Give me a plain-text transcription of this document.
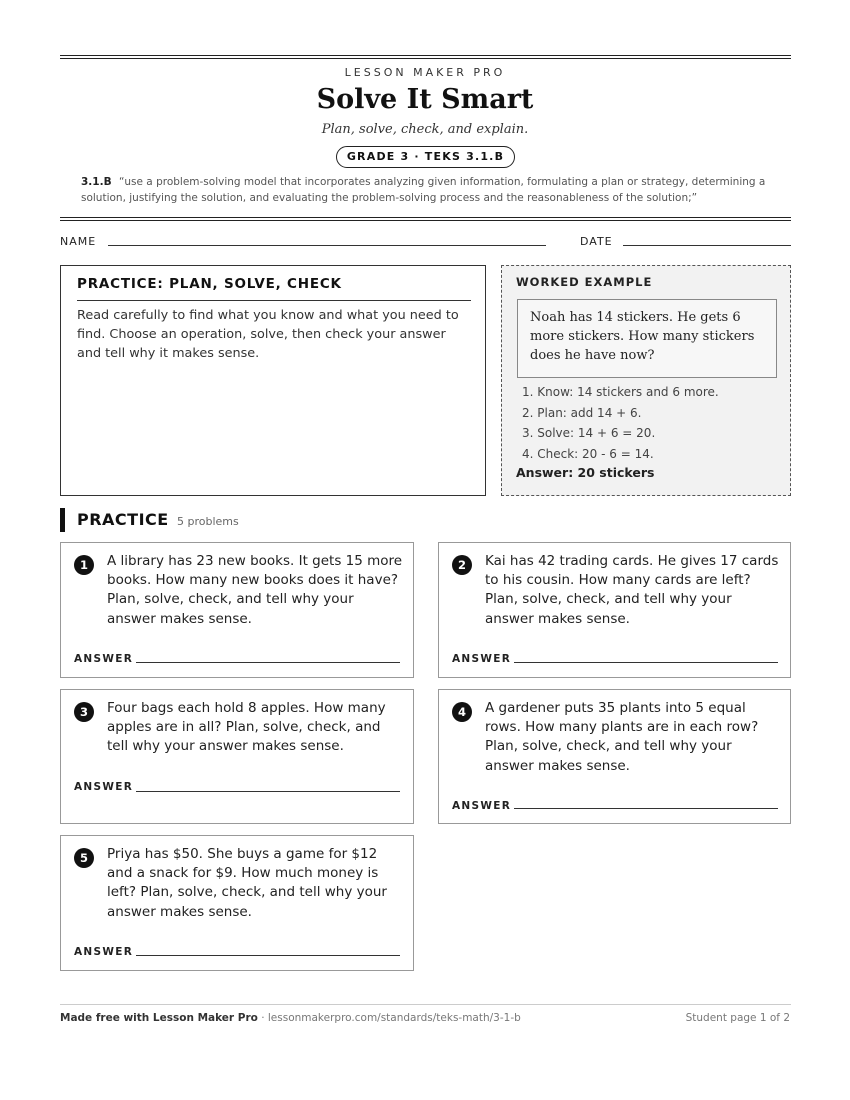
LESSON MAKER PRO
Solve It Smart
Plan, solve, check, and explain.
GRADE 3 · TEKS 3.1.B
3.1.B “use a problem-solving model that incorporates analyzing given information, formulating a plan or strategy, determining a solution, justifying the solution, and evaluating the problem-solving process and the reasonableness of the solution;”
NAME	DATE
PRACTICE: PLAN, SOLVE, CHECK
Read carefully to find what you know and what you need to find. Choose an operation, solve, then check your answer and tell why it makes sense.
WORKED EXAMPLE
Noah has 14 stickers. He gets 6 more stickers. How many stickers does he have now?
1. Know: 14 stickers and 6 more.
2. Plan: add 14 + 6.
3. Solve: 14 + 6 = 20.
4. Check: 20 - 6 = 14.
Answer: 20 stickers
PRACTICE 5 problems
1	A library has 23 new books. It gets 15 more books. How many new books does it have? Plan, solve, check, and tell why your answer makes sense.
ANSWER
2	Kai has 42 trading cards. He gives 17 cards to his cousin. How many cards are left? Plan, solve, check, and tell why your answer makes sense.
ANSWER
3	Four bags each hold 8 apples. How many apples are in all? Plan, solve, check, and tell why your answer makes sense.
ANSWER
4	A gardener puts 35 plants into 5 equal rows. How many plants are in each row? Plan, solve, check, and tell why your answer makes sense.
ANSWER
5	Priya has $50. She buys a game for $12 and a snack for $9. How much money is left? Plan, solve, check, and tell why your answer makes sense.
ANSWER
Made free with Lesson Maker Pro · lessonmakerpro.com/standards/teks-math/3-1-b	Student page 1 of 2
